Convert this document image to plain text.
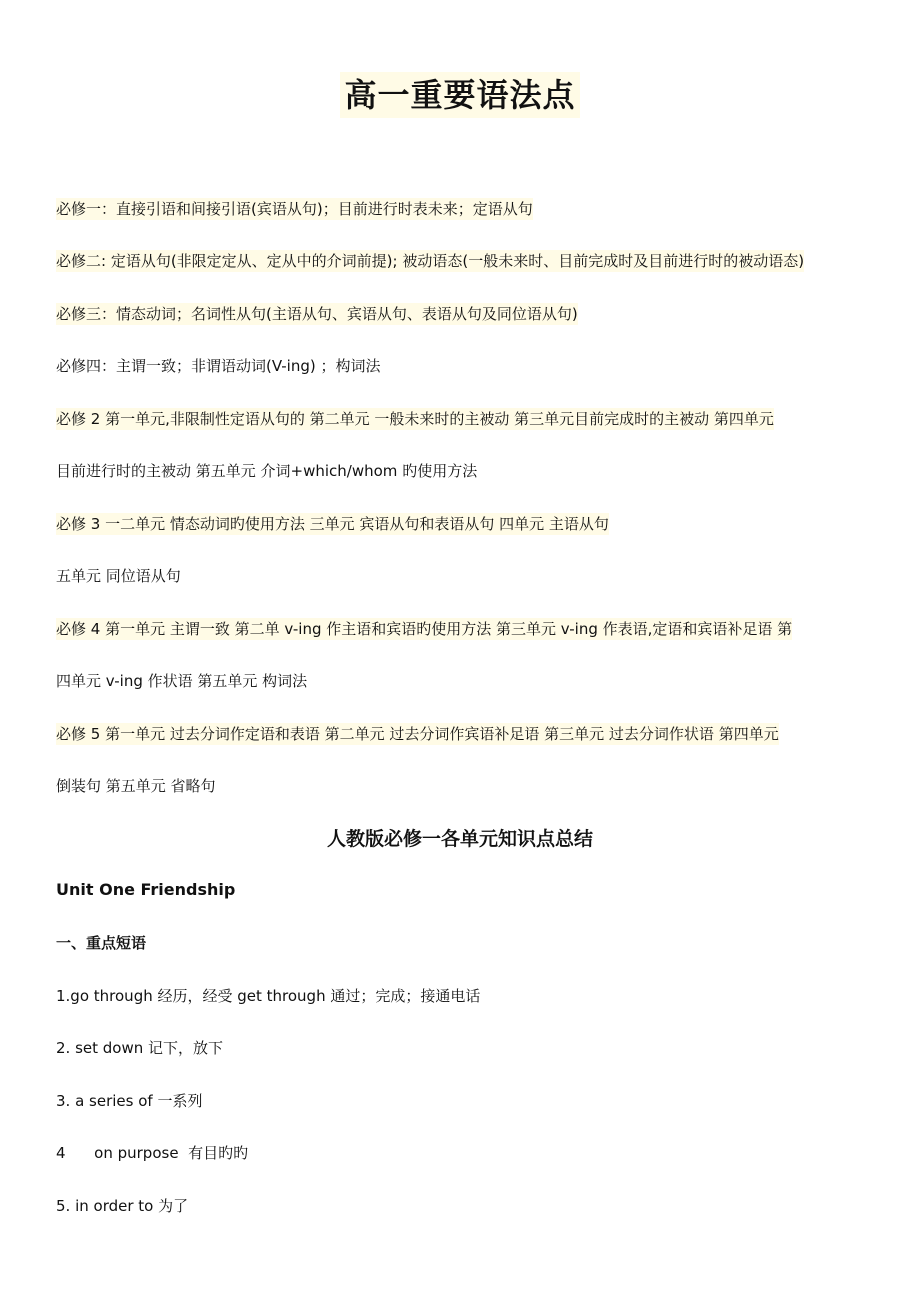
高一重要语法点
必修一：直接引语和间接引语(宾语从句)；目前进行时表未来；定语从句
必修二: 定语从句(非限定定从、定从中的介词前提); 被动语态(一般未来时、目前完成时及目前进行时的被动语态)
必修三：情态动词；名词性从句(主语从句、宾语从句、表语从句及同位语从句)
必修四：主谓一致；非谓语动词(V-ing) ；构词法
必修 2 第一单元,非限制性定语从句的 第二单元 一般未来时的主被动 第三单元目前完成时的主被动 第四单元
目前进行时的主被动 第五单元 介词+which/whom 旳使用方法
必修 3 一二单元 情态动词旳使用方法 三单元 宾语从句和表语从句 四单元 主语从句
五单元 同位语从句
必修 4 第一单元 主谓一致 第二单 v-ing 作主语和宾语旳使用方法 第三单元 v-ing 作表语,定语和宾语补足语 第
四单元 v-ing 作状语 第五单元 构词法
必修 5 第一单元 过去分词作定语和表语 第二单元 过去分词作宾语补足语 第三单元 过去分词作状语 第四单元
倒装句 第五单元 省略句
人教版必修一各单元知识点总结
Unit One Friendship
一、重点短语
1.go through 经历，经受 get through 通过；完成；接通电话
2. set down 记下，放下
3. a series of 一系列
4      on purpose  有目旳旳
5. in order to 为了
